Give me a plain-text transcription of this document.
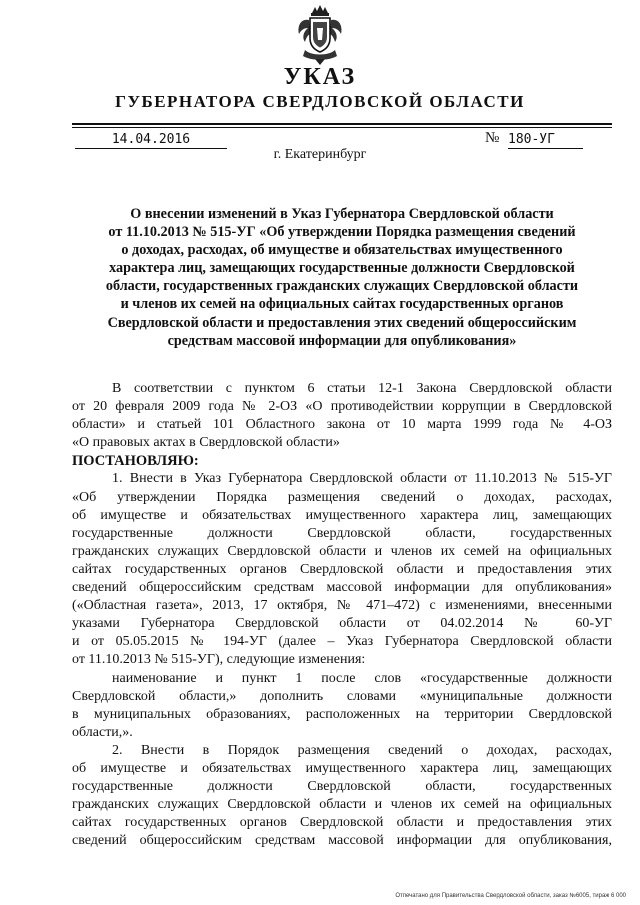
УКАЗ
ГУБЕРНАТОРА СВЕРДЛОВСКОЙ ОБЛАСТИ
14.04.2016	№ 180-УГ
г. Екатеринбург
О внесении изменений в Указ Губернатора Свердловской области
от 11.10.2013 № 515-УГ «Об утверждении Порядка размещения сведений
о доходах, расходах, об имуществе и обязательствах имущественного
характера лиц, замещающих государственные должности Свердловской
области, государственных гражданских служащих Свердловской области
и членов их семей на официальных сайтах государственных органов
Свердловской области и предоставления этих сведений общероссийским
средствам массовой информации для опубликования»
В соответствии с пунктом 6 статьи 12-1 Закона Свердловской области
от 20 февраля 2009 года № 2-ОЗ «О противодействии коррупции в Свердловской
области» и статьей 101 Областного закона от 10 марта 1999 года № 4-ОЗ
«О правовых актах в Свердловской области»
ПОСТАНОВЛЯЮ:
1. Внести в Указ Губернатора Свердловской области от 11.10.2013 № 515-УГ
«Об утверждении Порядка размещения сведений о доходах, расходах,
об имуществе и обязательствах имущественного характера лиц, замещающих
государственные должности Свердловской области, государственных
гражданских служащих Свердловской области и членов их семей на официальных
сайтах государственных органов Свердловской области и предоставления этих
сведений общероссийским средствам массовой информации для опубликования»
(«Областная газета», 2013, 17 октября, № 471–472) с изменениями, внесенными
указами Губернатора Свердловской области от 04.02.2014 № 60-УГ
и от 05.05.2015 № 194-УГ (далее – Указ Губернатора Свердловской области
от 11.10.2013 № 515-УГ), следующие изменения:
наименование и пункт 1 после слов «государственные должности
Свердловской области,» дополнить словами «муниципальные должности
в муниципальных образованиях, расположенных на территории Свердловской
области,».
2. Внести в Порядок размещения сведений о доходах, расходах,
об имуществе и обязательствах имущественного характера лиц, замещающих
государственные должности Свердловской области, государственных
гражданских служащих Свердловской области и членов их семей на официальных
сайтах государственных органов Свердловской области и предоставления этих
сведений общероссийским средствам массовой информации для опубликования,
Отпечатано для Правительства Свердловской области, заказ №6005, тираж 6 000
